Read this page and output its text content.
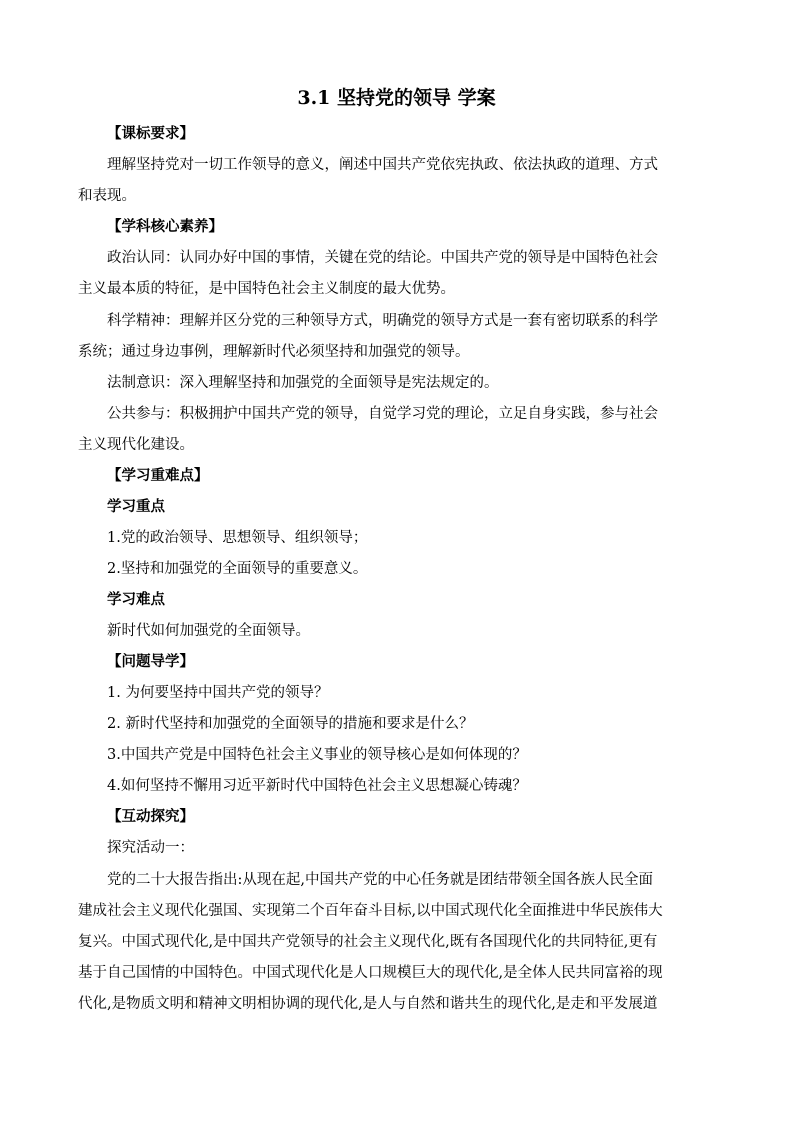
3.1 坚持党的领导 学案
【课标要求】
理解坚持党对一切工作领导的意义，阐述中国共产党依宪执政、依法执政的道理、方式
和表现。
【学科核心素养】
政治认同：认同办好中国的事情，关键在党的结论。中国共产党的领导是中国特色社会
主义最本质的特征，是中国特色社会主义制度的最大优势。
科学精神：理解并区分党的三种领导方式，明确党的领导方式是一套有密切联系的科学
系统；通过身边事例，理解新时代必须坚持和加强党的领导。
法制意识：深入理解坚持和加强党的全面领导是宪法规定的。
公共参与：积极拥护中国共产党的领导，自觉学习党的理论，立足自身实践，参与社会
主义现代化建设。
【学习重难点】
学习重点
1.党的政治领导、思想领导、组织领导；
2.坚持和加强党的全面领导的重要意义。
学习难点
新时代如何加强党的全面领导。
【问题导学】
1. 为何要坚持中国共产党的领导？
2. 新时代坚持和加强党的全面领导的措施和要求是什么？
3.中国共产党是中国特色社会主义事业的领导核心是如何体现的？
4.如何坚持不懈用习近平新时代中国特色社会主义思想凝心铸魂？
【互动探究】
探究活动一：
党的二十大报告指出:从现在起,中国共产党的中心任务就是团结带领全国各族人民全面
建成社会主义现代化强国、实现第二个百年奋斗目标,以中国式现代化全面推进中华民族伟大
复兴。中国式现代化,是中国共产党领导的社会主义现代化,既有各国现代化的共同特征,更有
基于自己国情的中国特色。中国式现代化是人口规模巨大的现代化,是全体人民共同富裕的现
代化,是物质文明和精神文明相协调的现代化,是人与自然和谐共生的现代化,是走和平发展道
